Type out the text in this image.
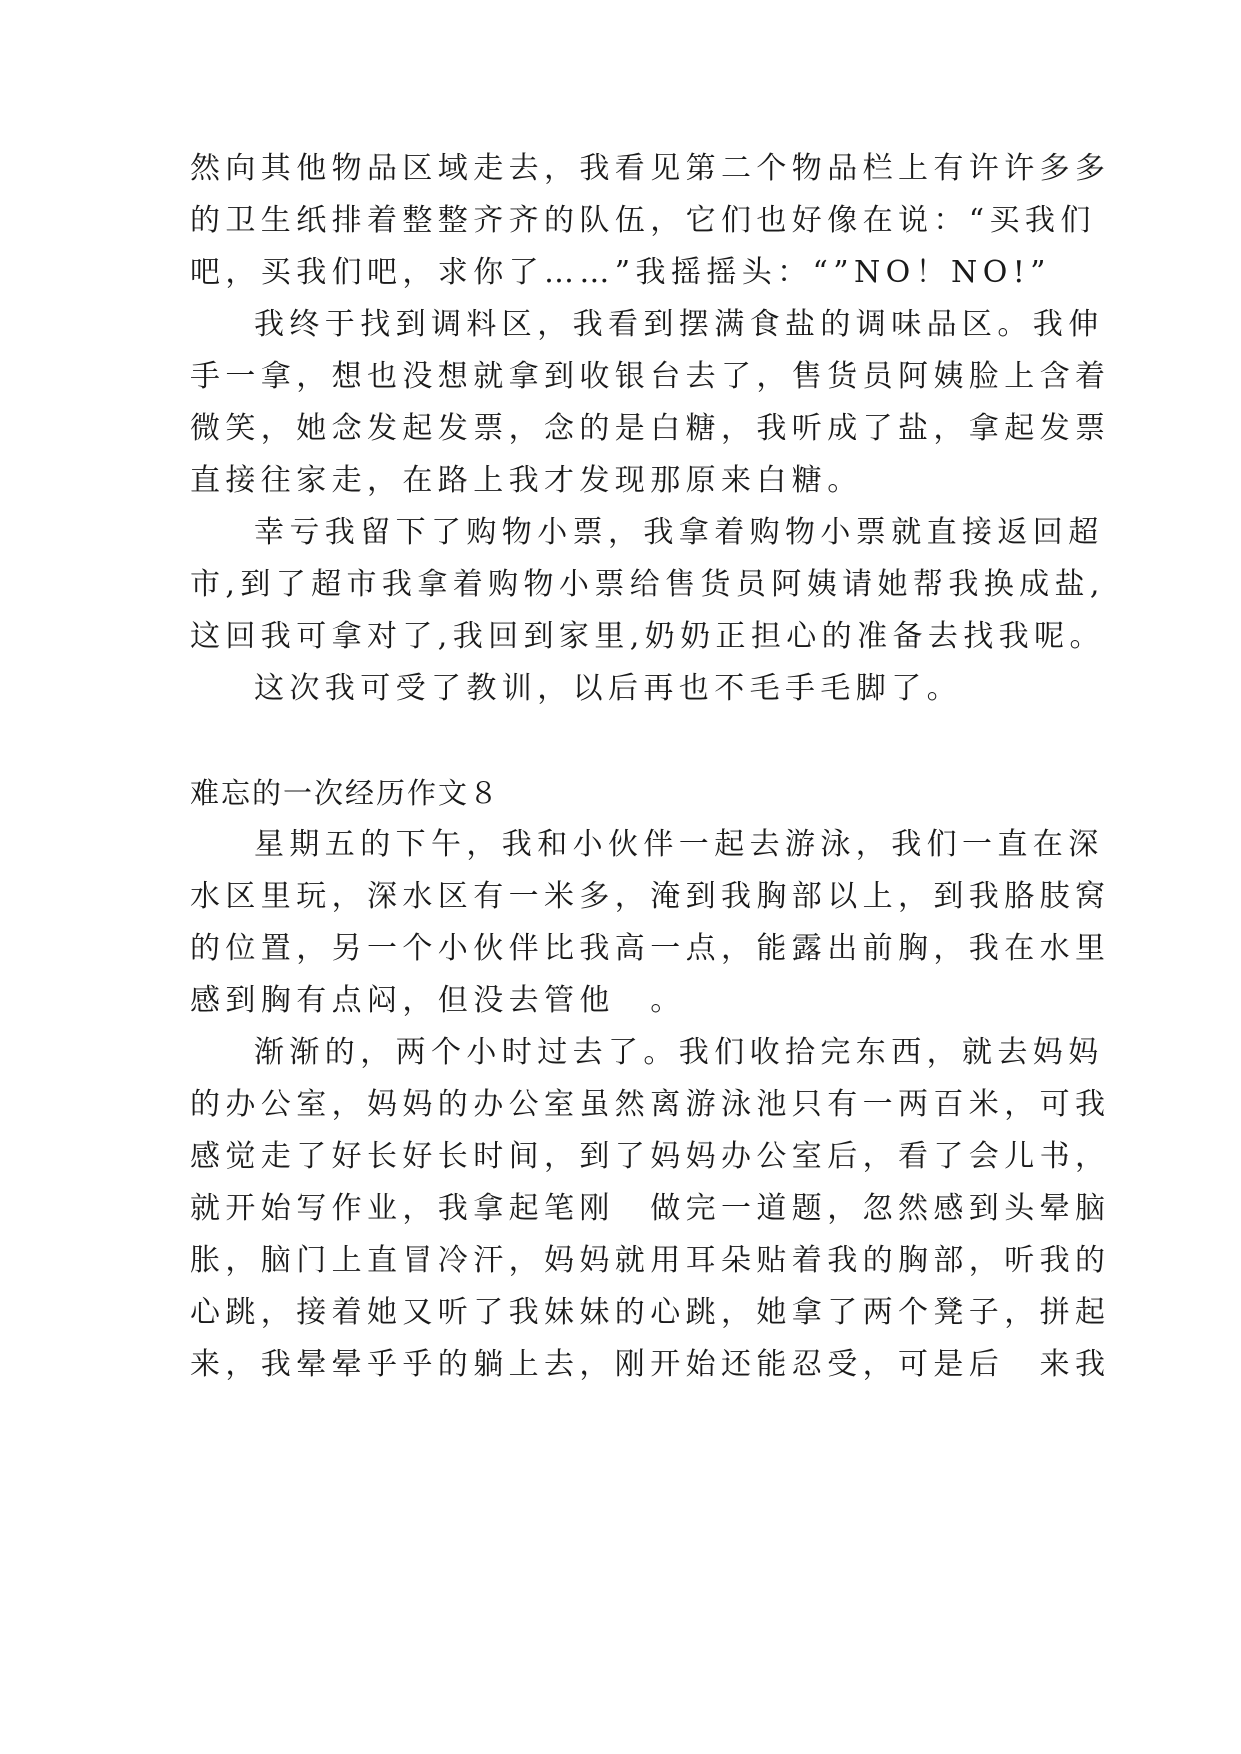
然向其他物品区域走去，我看见第二个物品栏上有许许多多
的卫生纸排着整整齐齐的队伍，它们也好像在说：“买我们
吧，买我们吧，求你了……”我摇摇头：“”NO！NO!”
我终于找到调料区，我看到摆满食盐的调味品区。我伸
手一拿，想也没想就拿到收银台去了，售货员阿姨脸上含着
微笑，她念发起发票，念的是白糖，我听成了盐，拿起发票
直接往家走，在路上我才发现那原来白糖。
幸亏我留下了购物小票，我拿着购物小票就直接返回超
市,到了超市我拿着购物小票给售货员阿姨请她帮我换成盐,
这回我可拿对了,我回到家里,奶奶正担心的准备去找我呢。
这次我可受了教训，以后再也不毛手毛脚了。
难忘的一次经历作文８
星期五的下午，我和小伙伴一起去游泳，我们一直在深
水区里玩，深水区有一米多，淹到我胸部以上，到我胳肢窝
的位置，另一个小伙伴比我高一点，能露出前胸，我在水里
感到胸有点闷，但没去管他　。
渐渐的，两个小时过去了。我们收拾完东西，就去妈妈
的办公室，妈妈的办公室虽然离游泳池只有一两百米，可我
感觉走了好长好长时间，到了妈妈办公室后，看了会儿书，
就开始写作业，我拿起笔刚　做完一道题，忽然感到头晕脑
胀，脑门上直冒冷汗，妈妈就用耳朵贴着我的胸部，听我的
心跳，接着她又听了我妹妹的心跳，她拿了两个凳子，拼起
来，我晕晕乎乎的躺上去，刚开始还能忍受，可是后　来我
